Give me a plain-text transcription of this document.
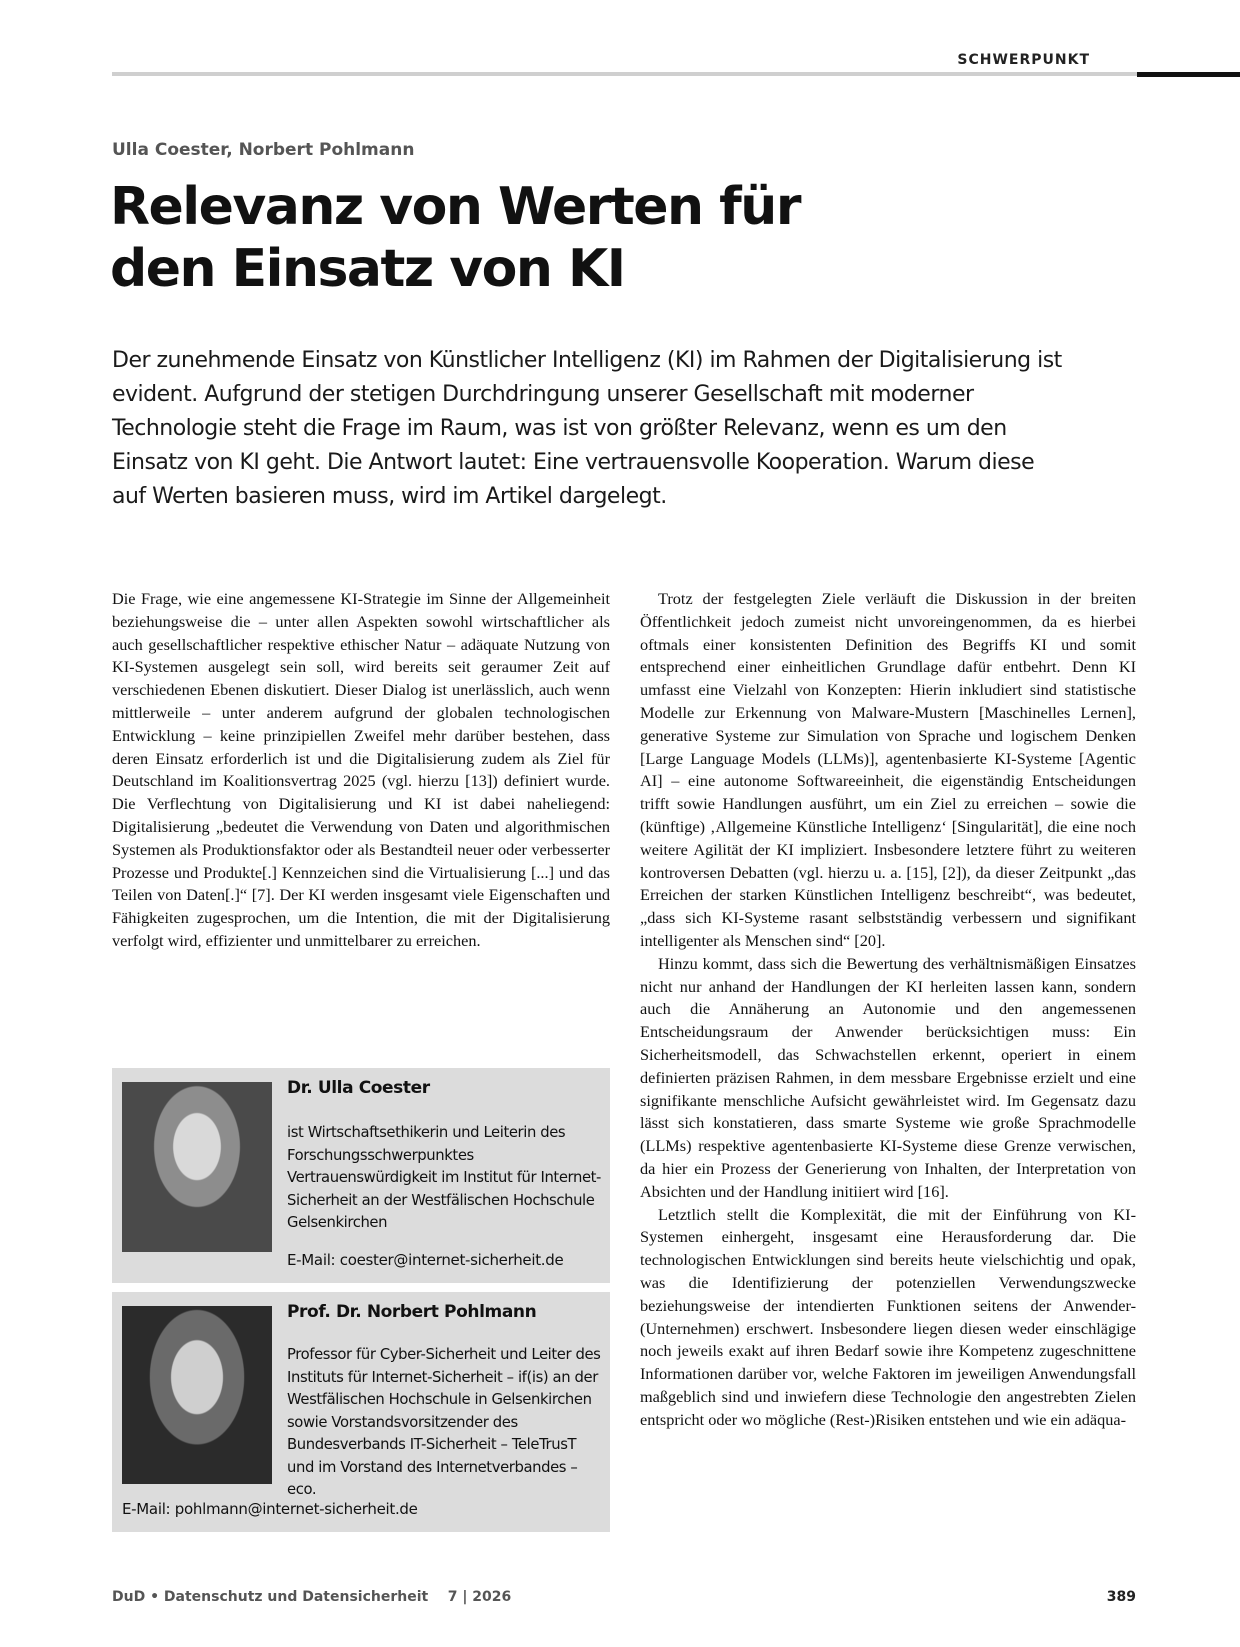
SCHWERPUNKT
Ulla Coester, Norbert Pohlmann
Relevanz von Werten für
den Einsatz von KI

Der zunehmende Einsatz von Künstlicher Intelligenz (KI) im Rahmen der Digitalisierung ist evident. Aufgrund der stetigen Durchdringung unserer Gesellschaft mit moderner Technologie steht die Frage im Raum, was ist von größter Relevanz, wenn es um den Einsatz von KI geht. Die Antwort lautet: Eine vertrauensvolle Kooperation. Warum diese auf Werten basieren muss, wird im Artikel dargelegt.

Die Frage, wie eine angemessene KI-Strategie im Sinne der Allgemeinheit beziehungsweise die – unter allen Aspekten sowohl wirtschaftlicher als auch gesellschaftlicher respektive ethischer Natur – adäquate Nutzung von KI-Systemen ausgelegt sein soll, wird bereits seit geraumer Zeit auf verschiedenen Ebenen diskutiert. Dieser Dialog ist unerlässlich, auch wenn mittlerweile – unter anderem aufgrund der globalen technologischen Entwicklung – keine prinzipiellen Zweifel mehr darüber bestehen, dass deren Einsatz erforderlich ist und die Digitalisierung zudem als Ziel für Deutschland im Koalitionsvertrag 2025 (vgl. hierzu [13]) definiert wurde. Die Verflechtung von Digitalisierung und KI ist dabei naheliegend: Digitalisierung „bedeutet die Verwendung von Daten und algorithmischen Systemen als Produktionsfaktor oder als Bestandteil neuer oder verbesserter Prozesse und Produkte[.] Kennzeichen sind die Virtualisierung [...] und das Teilen von Daten[.]“ [7]. Der KI werden insgesamt viele Eigenschaften und Fähigkeiten zugesprochen, um die Intention, die mit der Digitalisierung verfolgt wird, effizienter und unmittelbarer zu erreichen.

Dr. Ulla Coester
ist Wirtschaftsethikerin und Leiterin des Forschungsschwerpunktes Vertrauenswürdigkeit im Institut für Internet-Sicherheit an der Westfälischen Hochschule Gelsenkirchen
E-Mail: coester@internet-sicherheit.de
Prof. Dr. Norbert Pohlmann
Professor für Cyber-Sicherheit und Leiter des Instituts für Internet-Sicherheit – if(is) an der Westfälischen Hochschule in Gelsenkirchen sowie Vorstandsvorsitzender des Bundesverbands IT-Sicherheit – TeleTrusT und im Vorstand des Internetverbandes – eco.
E-Mail: pohlmann@internet-sicherheit.de

Trotz der festgelegten Ziele verläuft die Diskussion in der breiten Öffentlichkeit jedoch zumeist nicht unvoreingenommen, da es hierbei oftmals einer konsistenten Definition des Begriffs KI und somit entsprechend einer einheitlichen Grundlage dafür entbehrt. Denn KI umfasst eine Vielzahl von Konzepten: Hierin inkludiert sind statistische Modelle zur Erkennung von Malware-Mustern [Maschinelles Lernen], generative Systeme zur Simulation von Sprache und logischem Denken [Large Language Models (LLMs)], agentenbasierte KI-Systeme [Agentic AI] – eine autonome Softwareeinheit, die eigenständig Entscheidungen trifft sowie Handlungen ausführt, um ein Ziel zu erreichen – sowie die (künftige) ‚Allgemeine Künstliche Intelligenz‘ [Singularität], die eine noch weitere Agilität der KI impliziert. Insbesondere letztere führt zu weiteren kontroversen Debatten (vgl. hierzu u. a. [15], [2]), da dieser Zeitpunkt „das Erreichen der starken Künstlichen Intelligenz beschreibt“, was bedeutet, „dass sich KI-Systeme rasant selbstständig verbessern und signifikant intelligenter als Menschen sind“ [20].

Hinzu kommt, dass sich die Bewertung des verhältnismäßigen Einsatzes nicht nur anhand der Handlungen der KI herleiten lassen kann, sondern auch die Annäherung an Autonomie und den angemessenen Entscheidungsraum der Anwender berücksichtigen muss: Ein Sicherheitsmodell, das Schwachstellen erkennt, operiert in einem definierten präzisen Rahmen, in dem messbare Ergebnisse erzielt und eine signifikante menschliche Aufsicht gewährleistet wird. Im Gegensatz dazu lässt sich konstatieren, dass smarte Systeme wie große Sprachmodelle (LLMs) respektive agentenbasierte KI-Systeme diese Grenze verwischen, da hier ein Prozess der Generierung von Inhalten, der Interpretation von Absichten und der Handlung initiiert wird [16].

Letztlich stellt die Komplexität, die mit der Einführung von KI-Systemen einhergeht, insgesamt eine Herausforderung dar. Die technologischen Entwicklungen sind bereits heute vielschichtig und opak, was die Identifizierung der potenziellen Verwendungszwecke beziehungsweise der intendierten Funktionen seitens der Anwender-(Unternehmen) erschwert. Insbesondere liegen diesen weder einschlägige noch jeweils exakt auf ihren Bedarf sowie ihre Kompetenz zugeschnittene Informationen darüber vor, welche Faktoren im jeweiligen Anwendungsfall maßgeblich sind und inwiefern diese Technologie den angestrebten Zielen entspricht oder wo mögliche (Rest-)Risiken entstehen und wie ein adäqua-

DuD • Datenschutz und Datensicherheit    7 | 2026	389
